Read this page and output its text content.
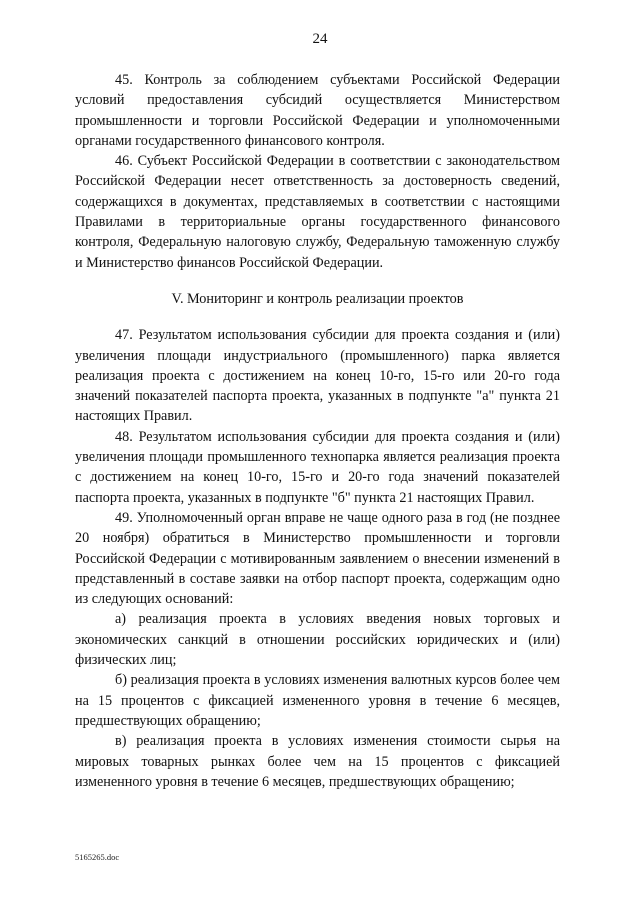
24

45. Контроль за соблюдением субъектами Российской Федерации условий предоставления субсидий осуществляется Министерством промышленности и торговли Российской Федерации и уполномоченными органами государственного финансового контроля.

46. Субъект Российской Федерации в соответствии с законодательством Российской Федерации несет ответственность за достоверность сведений, содержащихся в документах, представляемых в соответствии с настоящими Правилами в территориальные органы государственного финансового контроля, Федеральную налоговую службу, Федеральную таможенную службу и Министерство финансов Российской Федерации.

V. Мониторинг и контроль реализации проектов

47. Результатом использования субсидии для проекта создания и (или) увеличения площади индустриального (промышленного) парка является реализация проекта с достижением на конец 10-го, 15-го или 20-го года значений показателей паспорта проекта, указанных в подпункте "а" пункта 21 настоящих Правил.

48. Результатом использования субсидии для проекта создания и (или) увеличения площади промышленного технопарка является реализация проекта с достижением на конец 10-го, 15-го и 20-го года значений показателей паспорта проекта, указанных в подпункте "б" пункта 21 настоящих Правил.

49. Уполномоченный орган вправе не чаще одного раза в год (не позднее 20 ноября) обратиться в Министерство промышленности и торговли Российской Федерации с мотивированным заявлением о внесении изменений в представленный в составе заявки на отбор паспорт проекта, содержащим одно из следующих оснований:

а) реализация проекта в условиях введения новых торговых и экономических санкций в отношении российских юридических и (или) физических лиц;

б) реализация проекта в условиях изменения валютных курсов более чем на 15 процентов с фиксацией измененного уровня в течение 6 месяцев, предшествующих обращению;

в) реализация проекта в условиях изменения стоимости сырья на мировых товарных рынках более чем на 15 процентов с фиксацией измененного уровня в течение 6 месяцев, предшествующих обращению;

5165265.doc
